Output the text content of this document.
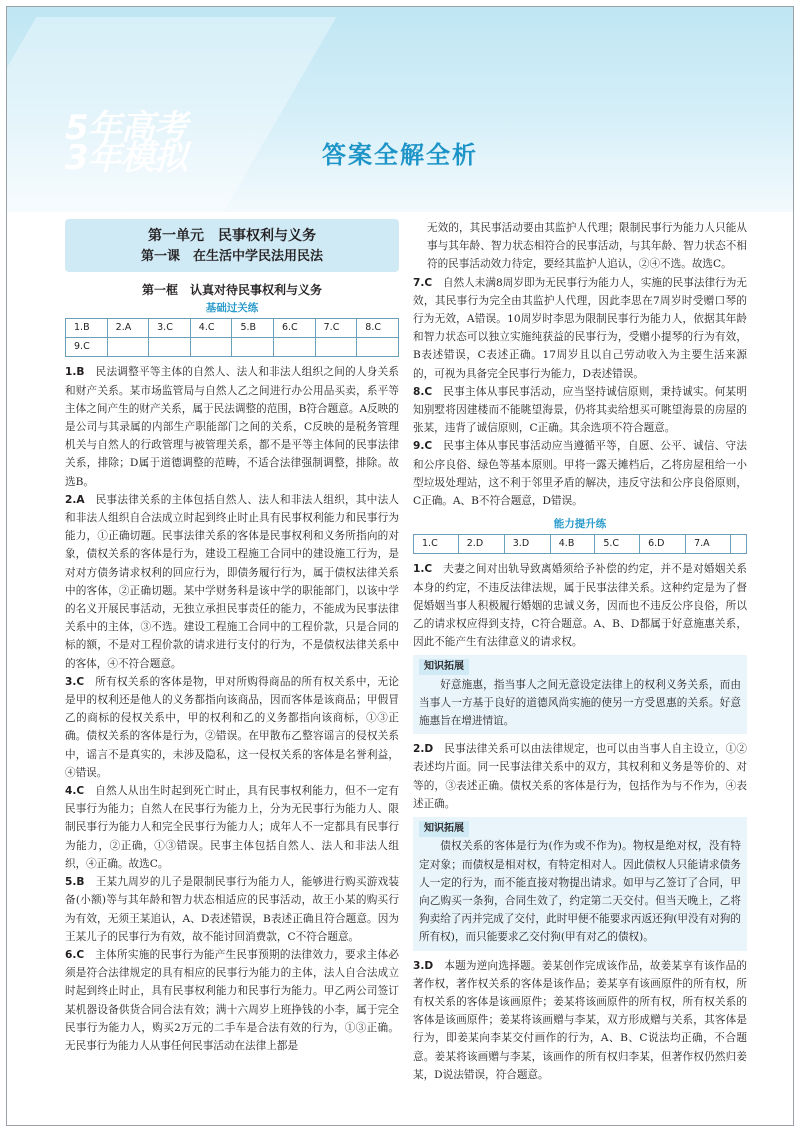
5年高考
3年模拟	答案全解全析
第一单元　民事权利与义务
第一课　在生活中学民法用民法
第一框　认真对待民事权利与义务
基础过关练
1.B	2.A	3.C	4.C	5.B	6.C	7.C	8.C
9.C							

1.B　 民法调整平等主体的自然人、法人和非法人组织之间的人身关系和财产关系。某市场监管局与自然人乙之间进行办公用品买卖，系平等主体之间产生的财产关系，属于民法调整的范围，B符合题意。A反映的是公司与其录属的内部生产职能部门之间的关系，C反映的是税务管理机关与自然人的行政管理与被管理关系，都不是平等主体间的民事法律关系，排除；D属于道德调整的范畴，不适合法律强制调整，排除。故选B。

2.A　 民事法律关系的主体包括自然人、法人和非法人组织，其中法人和非法人组织自合法成立时起到终止时止具有民事权利能力和民事行为能力，①正确切题。民事法律关系的客体是民事权利和义务所指向的对象，债权关系的客体是行为，建设工程施工合同中的建设施工行为，是对对方债务请求权利的回应行为，即债务履行行为，属于债权法律关系中的客体，②正确切题。某中学财务科是该中学的职能部门，以该中学的名义开展民事活动，无独立承担民事责任的能力，不能成为民事法律关系中的主体，③不选。建设工程施工合同中的工程价款，只是合同的标的额，不是对工程价款的请求进行支付的行为，不是债权法律关系中的客体，④不符合题意。

3.C　 所有权关系的客体是物，甲对所购得商品的所有权关系中，无论是甲的权利还是他人的义务都指向该商品，因而客体是该商品；甲假冒乙的商标的侵权关系中，甲的权利和乙的义务都指向该商标，①③正确。债权关系的客体是行为，②错误。在甲散布乙整容谣言的侵权关系中，谣言不是真实的，未涉及隐私，这一侵权关系的客体是名誉利益，④错误。

4.C　 自然人从出生时起到死亡时止，具有民事权利能力，但不一定有民事行为能力；自然人在民事行为能力上，分为无民事行为能力人、限制民事行为能力人和完全民事行为能力人；成年人不一定都具有民事行为能力，②正确，①③错误。民事主体包括自然人、法人和非法人组织，④正确。故选C。

5.B　 王某九周岁的儿子是限制民事行为能力人，能够进行购买游戏装备(小额)等与其年龄和智力状态相适应的民事活动，故王小某的购买行为有效，无须王某追认，A、D表述错误，B表述正确且符合题意。因为王某儿子的民事行为有效，故不能讨回消费款，C不符合题意。

6.C　 主体所实施的民事行为能产生民事预期的法律效力，要求主体必须是符合法律规定的具有相应的民事行为能力的主体，法人自合法成立时起到终止时止，具有民事权利能力和民事行为能力。甲乙两公司签订某机器设备供货合同合法有效；满十六周岁上班挣钱的小李，属于完全民事行为能力人，购买2万元的二手车是合法有效的行为，①③正确。无民事行为能力人从事任何民事活动在法律上都是

无效的，其民事活动要由其监护人代理；限制民事行为能力人只能从事与其年龄、智力状态相符合的民事活动，与其年龄、智力状态不相符的民事活动效力待定，要经其监护人追认，②④不选。故选C。

7.C　 自然人未满8周岁即为无民事行为能力人，实施的民事法律行为无效，其民事行为完全由其监护人代理，因此李思在7周岁时受赠口琴的行为无效，A错误。10周岁时李思为限制民事行为能力人，依据其年龄和智力状态可以独立实施纯获益的民事行为，受赠小提琴的行为有效，B表述错误，C表述正确。17周岁且以自己劳动收入为主要生活来源的，可视为具备完全民事行为能力，D表述错误。

8.C　 民事主体从事民事活动，应当坚持诚信原则，秉持诚实。何某明知别墅将因建楼而不能眺望海景，仍将其卖给想买可眺望海景的房屋的张某，违背了诚信原则，C正确。其余选项不符合题意。

9.C　 民事主体从事民事活动应当遵循平等，自愿、公平、诚信、守法和公序良俗、绿色等基本原则。甲将一露天摊档后，乙将房屋租给一小型垃圾处理站，这不利于邻里矛盾的解决，违反守法和公序良俗原则，C正确。A、B不符合题意，D错误。

能力提升练
1.C	2.D	3.D	4.B	5.C	6.D	7.A	

1.C　 夫妻之间对出轨导致离婚须给予补偿的约定，并不是对婚姻关系本身的约定，不违反法律法规，属于民事法律关系。这种约定是为了督促婚姻当事人积极履行婚姻的忠诚义务，因而也不违反公序良俗，所以乙的请求权应得到支持，C符合题意。A、B、D都属于好意施惠关系，因此不能产生有法律意义的请求权。

知识拓展

好意施惠，指当事人之间无意设定法律上的权利义务关系，而由当事人一方基于良好的道德风尚实施的使另一方受恩惠的关系。好意施惠旨在增进情谊。

2.D　 民事法律关系可以由法律规定，也可以由当事人自主设立，①②表述均片面。同一民事法律关系中的双方，其权利和义务是等价的、对等的，③表述正确。债权关系的客体是行为，包括作为与不作为，④表述正确。

知识拓展

债权关系的客体是行为(作为或不作为)。物权是绝对权，没有特定对象；而债权是相对权，有特定相对人。因此债权人只能请求债务人一定的行为，而不能直接对物提出请求。如甲与乙签订了合同，甲向乙购买一条狗，合同生效了，约定第二天交付。但当天晚上，乙将狗卖给了丙并完成了交付，此时甲便不能要求丙返还狗(甲没有对狗的所有权)，而只能要求乙交付狗(甲有对乙的债权)。

3.D　 本题为逆向选择题。姜某创作完成该作品，故姜某享有该作品的著作权，著作权关系的客体是该作品；姜某享有该画原件的所有权，所有权关系的客体是该画原件；姜某将该画原件的所有权，所有权关系的客体是该画原件；姜某将该画赠与李某，双方形成赠与关系，其客体是行为，即姜某向李某交付画作的行为，A、B、C说法均正确，不合题意。姜某将该画赠与李某，该画作的所有权归李某，但著作权仍然归姜某，D说法错误，符合题意。
